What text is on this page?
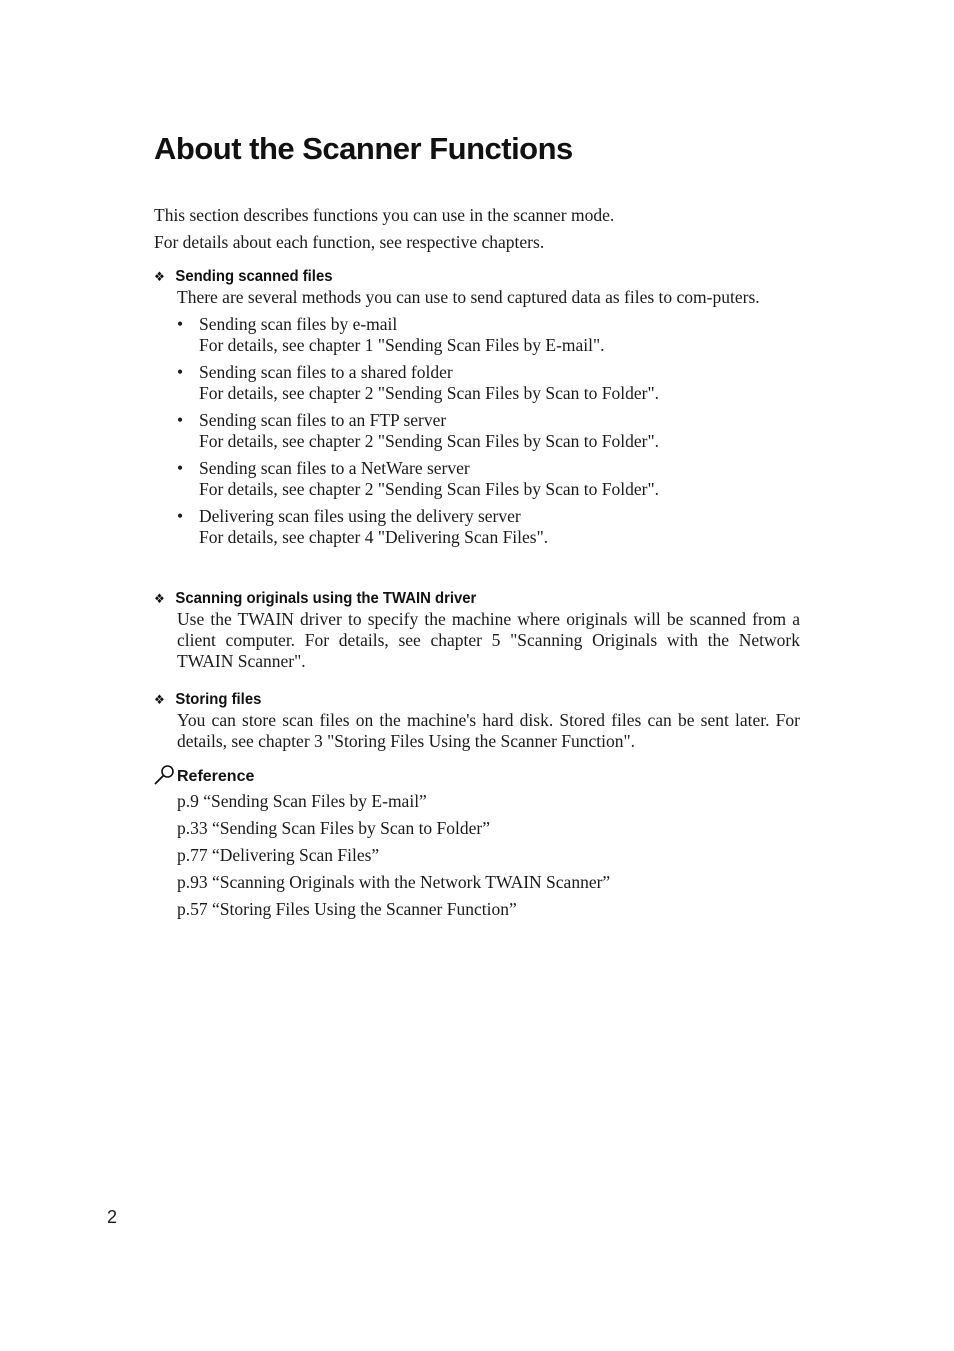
About the Scanner Functions

This section describes functions you can use in the scanner mode.

For details about each function, see respective chapters.

❖ Sending scanned files
There are several methods you can use to send captured data as files to com-puters.
• Sending scan files by e-mail
For details, see chapter 1 "Sending Scan Files by E-mail".
• Sending scan files to a shared folder
For details, see chapter 2 "Sending Scan Files by Scan to Folder".
• Sending scan files to an FTP server
For details, see chapter 2 "Sending Scan Files by Scan to Folder".
• Sending scan files to a NetWare server
For details, see chapter 2 "Sending Scan Files by Scan to Folder".
• Delivering scan files using the delivery server
For details, see chapter 4 "Delivering Scan Files".
❖ Scanning originals using the TWAIN driver
Use the TWAIN driver to specify the machine where originals will be scanned from a client computer. For details, see chapter 5 "Scanning Originals with the Network TWAIN Scanner".
❖ Storing files
You can store scan files on the machine's hard disk. Stored files can be sent later. For details, see chapter 3 "Storing Files Using the Scanner Function".
Reference

p.9 “Sending Scan Files by E-mail”

p.33 “Sending Scan Files by Scan to Folder”

p.77 “Delivering Scan Files”

p.93 “Scanning Originals with the Network TWAIN Scanner”

p.57 “Storing Files Using the Scanner Function”

2
